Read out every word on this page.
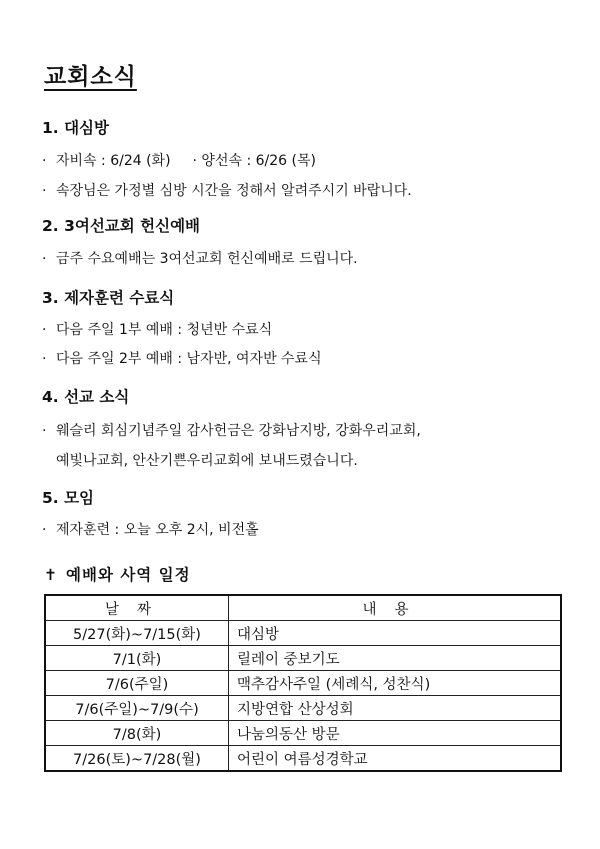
교회소식
1. 대심방

· 자비속 : 6/24 (화) · 양선속 : 6/26 (목)

· 속장님은 가정별 심방 시간을 정해서 알려주시기 바랍니다.

2. 3여선교회 헌신예배

· 금주 수요예배는 3여선교회 헌신예배로 드립니다.

3. 제자훈련 수료식

· 다음 주일 1부 예배 : 청년반 수료식

· 다음 주일 2부 예배 : 남자반, 여자반 수료식

4. 선교 소식

· 웨슬리 회심기념주일 감사헌금은 강화남지방, 강화우리교회,

예빛나교회, 안산기쁜우리교회에 보내드렸습니다.

5. 모임

· 제자훈련 : 오늘 오후 2시, 비전홀

✝ 예배와 사역 일정
날짜	내용
5/27(화)~7/15(화)	대심방
7/1(화)	릴레이 중보기도
7/6(주일)	맥추감사주일 (세례식, 성찬식)
7/6(주일)~7/9(수)	지방연합 산상성회
7/8(화)	나눔의동산 방문
7/26(토)~7/28(월)	어린이 여름성경학교
